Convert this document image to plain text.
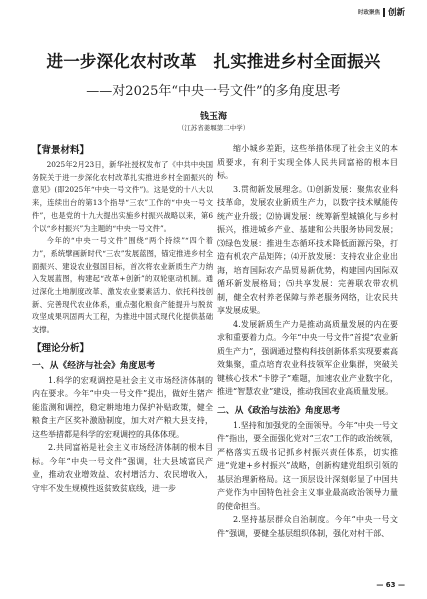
时政聚焦 创新
进一步深化农村改革　扎实推进乡村全面振兴
——对2025年“中央一号文件”的多角度思考
钱玉海
（江苏省姜堰第二中学）
【背景材料】

2025年2月23日，新华社授权发布了《中共中央国务院关于进一步深化农村改革扎实推进乡村全面振兴的意见》(即2025年“中央一号文件”)。这是党的十八大以来，连续出台的第13个指导“三农”工作的“中央一号文件”，也是党的十九大提出实施乡村振兴战略以来，第6个以“乡村振兴”为主题的“中央一号文件”。

今年的“中央一号文件”围绕“两个持续”“四个着力”，系统擘画新时代“三农”发展蓝图，锚定推进乡村全面振兴、建设农业强国目标，首次将农业新质生产力纳入发展蓝图，构建起“改革+创新”的双轮驱动机制。通过深化土地制度改革、激发农业要素活力、依托科技创新、完善现代农业体系，重点强化粮食产能提升与脱贫攻坚成果巩固两大工程，为推进中国式现代化提供基础支撑。

【理论分析】
一、从《经济与社会》角度思考

1.科学的宏观调控是社会主义市场经济体制的内在要求。今年“中央一号文件”提出，做好生猪产能监测和调控，稳定耕地地力保护补贴政策，健全粮食主产区奖补激励制度，加大对产粮大县支持，这些举措都是科学的宏观调控的具体体现。

2.共同富裕是社会主义市场经济体制的根本目标。今年“中央一号文件”强调，壮大县域富民产业，推动农业增效益、农村增活力、农民增收入，守牢不发生规模性返贫致贫底线，进一步

缩小城乡差距，这些举措体现了社会主义的本质要求，有利于实现全体人民共同富裕的根本目标。

3.贯彻新发展理念。⑴创新发展：聚焦农业科技革命，发展农业新质生产力，以数字技术赋能传统产业升级；⑵协调发展：统筹新型城镇化与乡村振兴，推进城乡产业、基建和公共服务协同发展；⑶绿色发展：推进生态循环技术降低面源污染，打造有机农产品矩阵；⑷开放发展：支持农业企业出海，培育国际农产品贸易新优势，构建国内国际双循环新发展格局；⑸共享发展：完善联农带农机制，健全农村养老保障与养老服务网络，让农民共享发展成果。

4.发展新质生产力是推动高质量发展的内在要求和重要着力点。今年“中央一号文件”首提“农业新质生产力”，强调通过整构科技创新体系实现要素高效集聚，重点培育农业科技领军企业集群，突破关键核心技术“卡脖子”难题，加速农业产业数字化，推进“智慧农业”建设，推动我国农业高质量发展。

二、从《政治与法治》角度思考

1.坚持和加强党的全面领导。今年“中央一号文件”指出，要全面强化党对“三农”工作的政治统领，严格落实五级书记抓乡村振兴责任体系，切实推进“党建+乡村振兴”战略，创新构建党组织引领的基层治理新格局。这一顶层设计深刻彰显了中国共产党作为中国特色社会主义事业最高政治领导力量的使命担当。

2.坚持基层群众自治制度。今年“中央一号文件”强调，要健全基层组织体制，强化对村干部、

— 63 —
